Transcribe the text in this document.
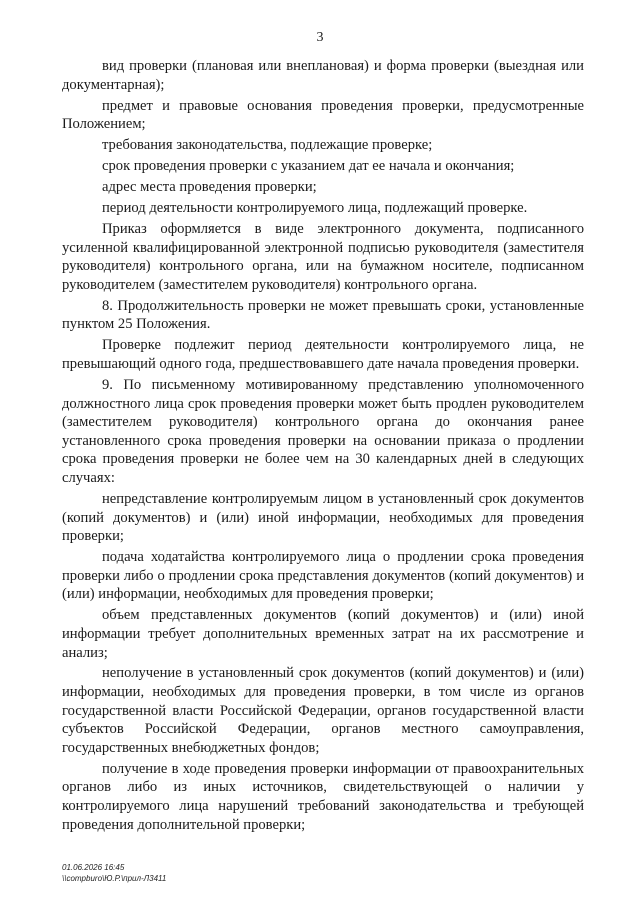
3

вид проверки (плановая или внеплановая) и форма проверки (выездная или документарная);

предмет и правовые основания проведения проверки, предусмотренные Положением;

требования законодательства, подлежащие проверке;

срок проведения проверки с указанием дат ее начала и окончания;

адрес места проведения проверки;

период деятельности контролируемого лица, подлежащий проверке.

Приказ оформляется в виде электронного документа, подписанного усиленной квалифицированной электронной подписью руководителя (заместителя руководителя) контрольного органа, или на бумажном носителе, подписанном руководителем (заместителем руководителя) контрольного органа.

8. Продолжительность проверки не может превышать сроки, установленные пунктом 25 Положения.

Проверке подлежит период деятельности контролируемого лица, не превышающий одного года, предшествовавшего дате начала проведения проверки.

9. По письменному мотивированному представлению уполномоченного должностного лица срок проведения проверки может быть продлен руководителем (заместителем руководителя) контрольного органа до окончания ранее установленного срока проведения проверки на основании приказа о продлении срока проведения проверки не более чем на 30 календарных дней в следующих случаях:

непредставление контролируемым лицом в установленный срок документов (копий документов) и (или) иной информации, необходимых для проведения проверки;

подача ходатайства контролируемого лица о продлении срока проведения проверки либо о продлении срока представления документов (копий документов) и (или) информации, необходимых для проведения проверки;

объем представленных документов (копий документов) и (или) иной информации требует дополнительных временных затрат на их рассмотрение и анализ;

неполучение в установленный срок документов (копий документов) и (или) информации, необходимых для проведения проверки, в том числе из органов государственной власти Российской Федерации, органов государственной власти субъектов Российской Федерации, органов местного самоуправления, государственных внебюджетных фондов;

получение в ходе проведения проверки информации от правоохранительных органов либо из иных источников, свидетельствующей о наличии у контролируемого лица нарушений требований законодательства и требующей проведения дополнительной проверки;

01.06.2026 16:45
\\compburo\Ю.Р.\прил-Л3411
